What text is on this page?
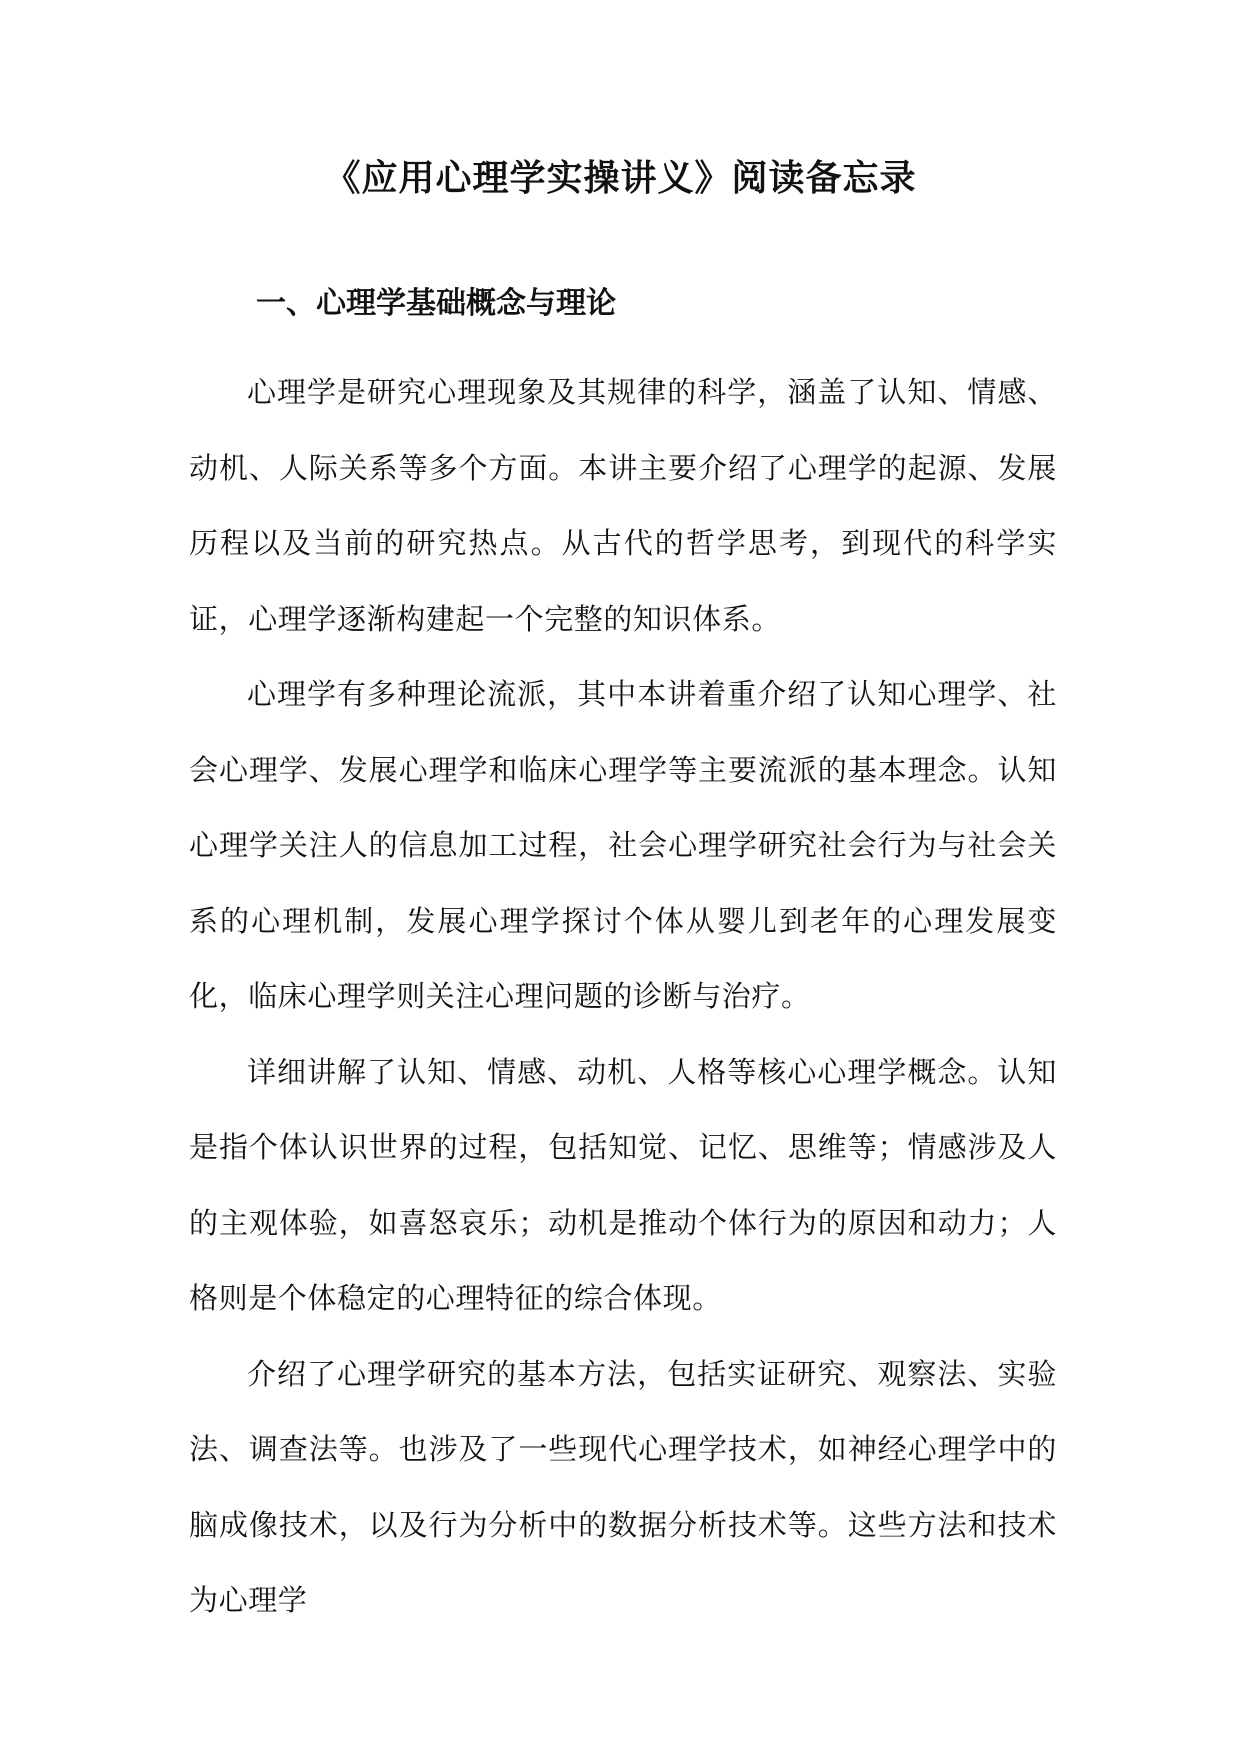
《应用心理学实操讲义》阅读备忘录
一、心理学基础概念与理论

心理学是研究心理现象及其规律的科学，涵盖了认知、情感、动机、人际关系等多个方面。本讲主要介绍了心理学的起源、发展历程以及当前的研究热点。从古代的哲学思考，到现代的科学实证，心理学逐渐构建起一个完整的知识体系。

心理学有多种理论流派，其中本讲着重介绍了认知心理学、社会心理学、发展心理学和临床心理学等主要流派的基本理念。认知心理学关注人的信息加工过程，社会心理学研究社会行为与社会关系的心理机制，发展心理学探讨个体从婴儿到老年的心理发展变化，临床心理学则关注心理问题的诊断与治疗。

详细讲解了认知、情感、动机、人格等核心心理学概念。认知是指个体认识世界的过程，包括知觉、记忆、思维等；情感涉及人的主观体验，如喜怒哀乐；动机是推动个体行为的原因和动力；人格则是个体稳定的心理特征的综合体现。

介绍了心理学研究的基本方法，包括实证研究、观察法、实验法、调查法等。也涉及了一些现代心理学技术，如神经心理学中的脑成像技术，以及行为分析中的数据分析技术等。这些方法和技术为心理学
